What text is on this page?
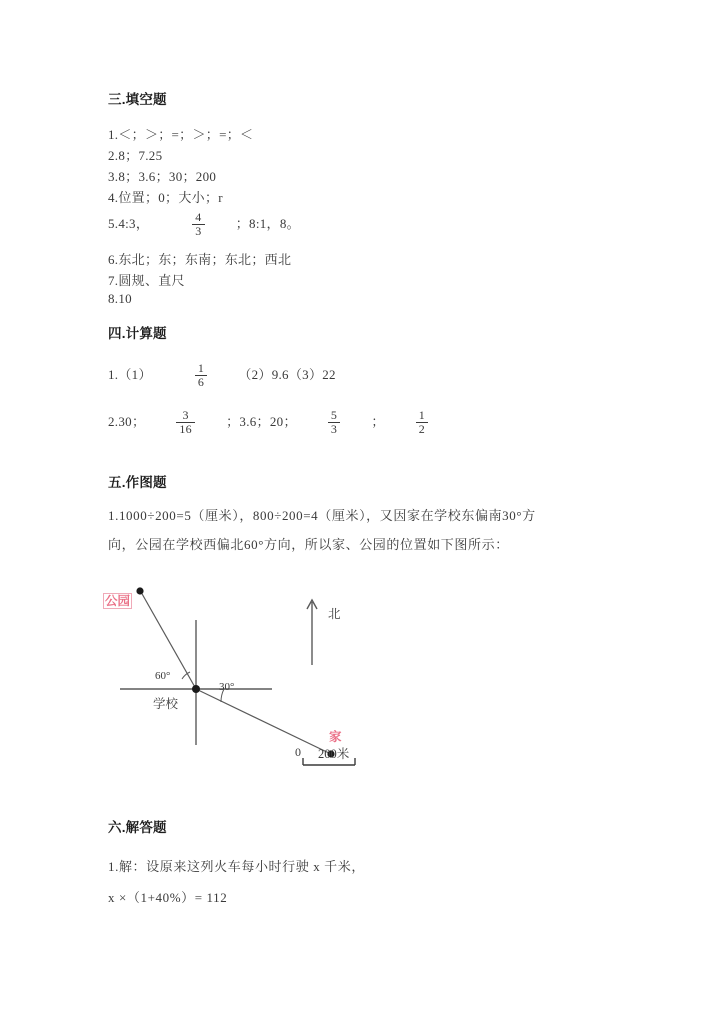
三.填空题
1.＜；＞；=；＞；=；＜
2.8；7.25
3.8；3.6；30；200
4.位置；0；大小；r
5.4:3，	$\frac{4}{3}$ ；8:1，8。
6.东北；东；东南；东北；西北
7.圆规、直尺
8.10
四.计算题
1.（1）	$\frac{1}{6} (2)9.6(3)22$
2.30；	$\frac{3}{16}$ ；3.6；20；	$\frac{5}{3}$ ；	$\frac{1}{2}$
五.作图题
1.1000÷200=5（厘米），800÷200=4（厘米），又因家在学校东偏南30°方
向，公园在学校西偏北60°方向，所以家、公园的位置如下图所示：
公园
家
学校
北
60°
30°
0 200米
六.解答题
1.解：设原来这列火车每小时行驶 x 千米，
x ×（1+40%）= 112
